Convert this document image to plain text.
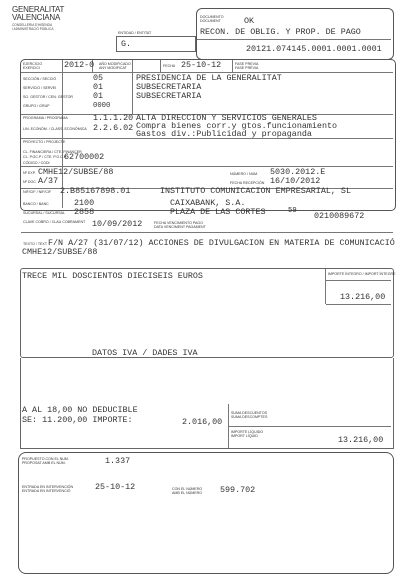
GENERALITAT
VALENCIANA
CONSELLERIA D'HISENDA
I ADMINISTRACIÓ PÚBLICA
ENTIDAD / ENTITAT
G.
DOCUMENTO
DOCUMENT	OK
RECON. DE OBLIG. Y PROP. DE PAGO
20121.074145.0001.0001.0001
EJERCICIO
EXERCICI	2012-0 AÑO MODIFICADO
ANY MODIFICAT	FECHA 25-10-12	FASE PREVIA
FASE PRÈVIA
SECCIÓN / SECCIÓ	05	PRESIDENCIA DE LA GENERALITAT
SERVICIO / SERVEI	01	SUBSECRETARIA
SG. GESTOR / CEN. GESTOR 01	SUBSECRETARIA
GRUPO / GRUP	0000
PROGRAMA / PROGRAMA	1.1.1.20 ALTA DIRECCION Y SERVICIOS GENERALES
LIN. ECONÓM. / CLASS. ECONÒMICA 2.2.6.02 Compra bienes corr.y gtos.funcionamiento
Gastos div.:Publicidad y propaganda
PROYECTO / PROJECTE
CL. FINANCIERA / CTE. FINANCER
CL. P.GC.P / CTE. P.G.C.P.
62700002
CÓDIGO / CODI
Nº EXP. CMHE12/SUBSE/88
Nº DOC A/37
NÚMERO / NUM. 5030.2012.E
FECHA RECEPCIÓN 16/10/2012
NIF/CIF / NIF/CIF 2.B85167898.01	INSTITUTO COMUNICACION EMPRESARIAL, SL
BANCO / BANC	2100	CAIXABANK, S.A.
SUCURSAL / SUCURSAL 2858	PLAZA DE LAS CORTES	59 0210089672
CLAVE COBRO / CLAU COBRAMENT 10/09/2012	FECHA VENCIMIENTO PAGO
DATA VENCIMENT PAGAMENT
TEXTO / TEXT F/N A/27 (31/07/12) ACCIONES DE DIVULGACION EN MATERIA DE COMUNICACIÓ
CMHE12/SUBSE/88
TRECE MIL DOSCIENTOS DIECISEIS EUROS	IMPORTE ÍNTEGRO / IMPORT ÍNTEGRE
13.216,00
DATOS IVA / DADES IVA
A AL 18,00 NO DEDUCIBLE
SE: 11.200,00 IMPORTE:	2.016,00
SUMA DESCUENTOS
SUMA DESCOMPTES
IMPORTE LÍQUIDO
IMPORT LÍQUID	13.216,00
PROPUESTO CON EL NUM.
PROPOSAT AMB EL NÚM.	1.337
ENTRADA EN INTERVENCIÓN
ENTRADA EN INTERVENCIÓ	25-10-12	CON EL NÚMERO
AMB EL NÚMERO 599.702
